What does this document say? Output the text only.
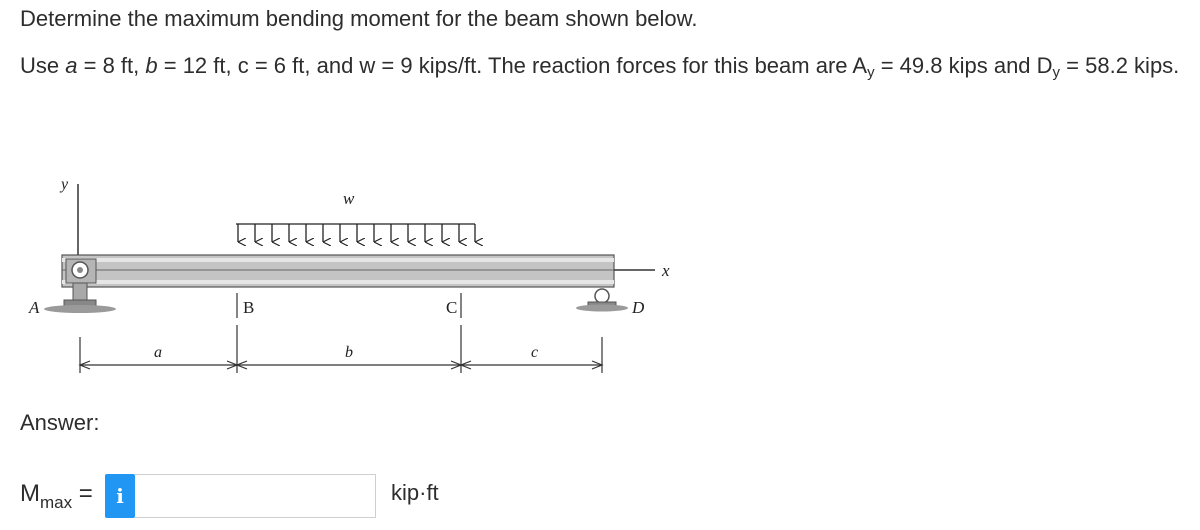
Determine the maximum bending moment for the beam shown below.
Use a = 8 ft, b = 12 ft, c = 6 ft, and w = 9 kips/ft. The reaction forces for this beam are $A_y = 49.8$ kips and $D_y = 58.2$ kips.
y
w
x
A	D
B	C
a	b	c
Answer:
$M_{max}$ =	i	kip·ft
